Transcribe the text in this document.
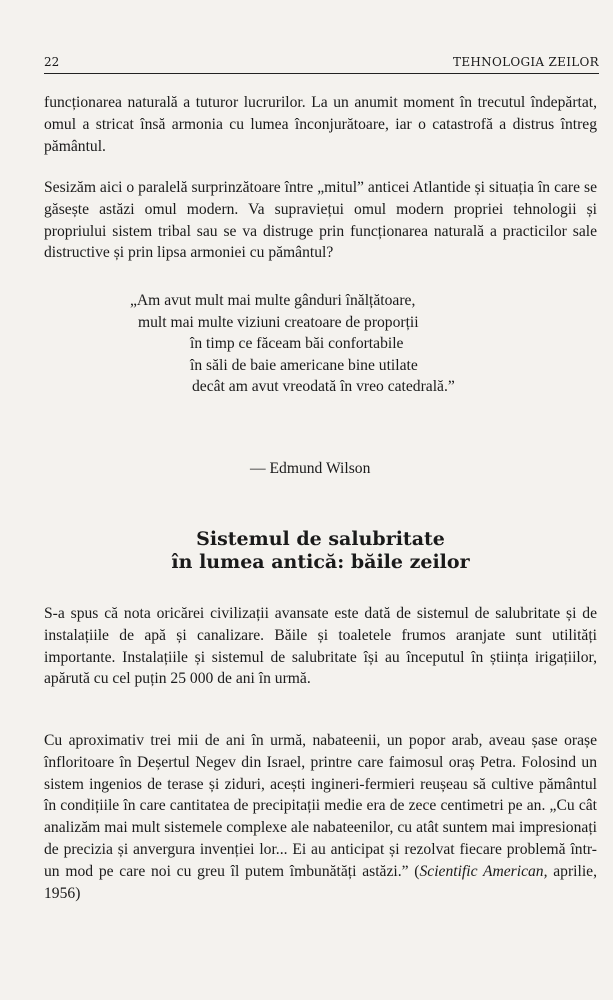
22	TEHNOLOGIA ZEILOR

funcționarea naturală a tuturor lucrurilor. La un anumit moment în trecutul îndepărtat, omul a stricat însă armonia cu lumea înconjurătoare, iar o catastrofă a distrus întreg pământul.

Sesizăm aici o paralelă surprinzătoare între „mitul” anticei Atlantide și situația în care se găsește astăzi omul modern. Va supraviețui omul modern propriei tehnologii și propriului sistem tribal sau se va distruge prin funcționarea naturală a practicilor sale distructive și prin lipsa armoniei cu pământul?

„Am avut mult mai multe gânduri înălțătoare,
mult mai multe viziuni creatoare de proporții
în timp ce făceam băi confortabile
în săli de baie americane bine utilate
decât am avut vreodată în vreo catedrală.”
— Edmund Wilson
Sistemul de salubritate
în lumea antică: băile zeilor

S-a spus că nota oricărei civilizații avansate este dată de sistemul de salubritate și de instalațiile de apă și canalizare. Băile și toaletele frumos aranjate sunt utilități importante. Instalațiile și sistemul de salubritate își au începutul în știința irigațiilor, apărută cu cel puțin 25 000 de ani în urmă.

Cu aproximativ trei mii de ani în urmă, nabateenii, un popor arab, aveau șase orașe înfloritoare în Deșertul Negev din Israel, printre care faimosul oraș Petra. Folosind un sistem ingenios de terase și ziduri, acești ingineri-fermieri reușeau să cultive pământul în condițiile în care cantitatea de precipitații medie era de zece centimetri pe an. „Cu cât analizăm mai mult sistemele complexe ale nabateenilor, cu atât suntem mai impresionați de precizia și anvergura invenției lor... Ei au anticipat și rezolvat fiecare problemă într-un mod pe care noi cu greu îl putem îmbunătăți astăzi.” (Scientific American, aprilie, 1956)
